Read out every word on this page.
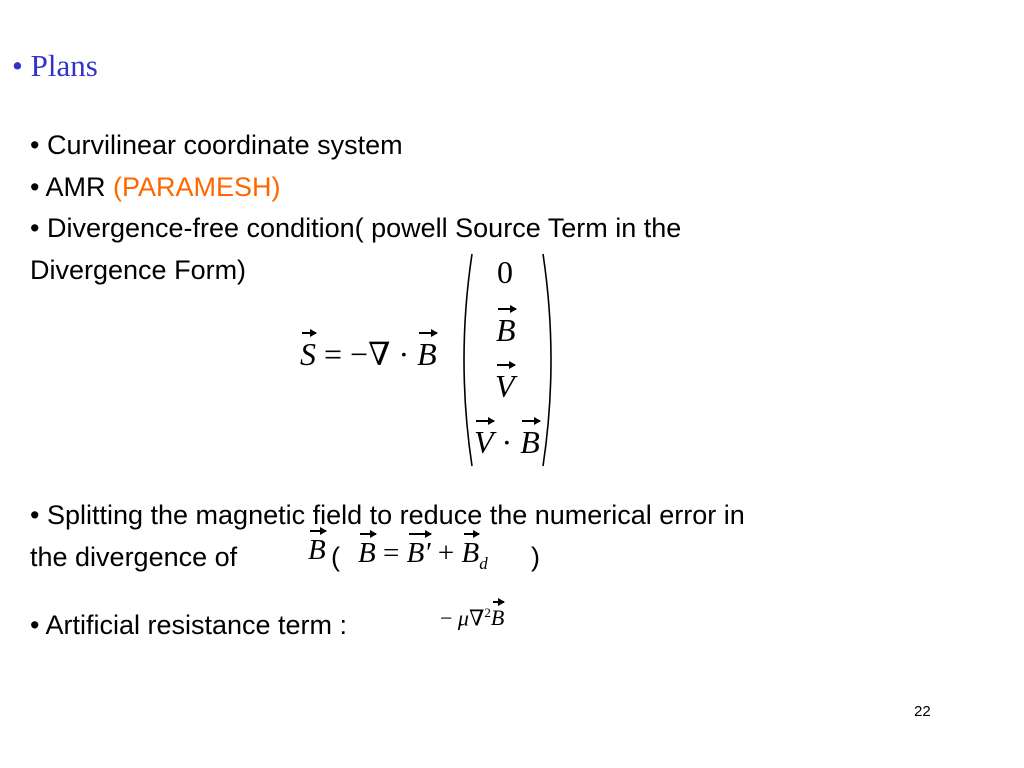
• Plans
• Curvilinear coordinate system
• AMR (PARAMESH)
• Divergence-free condition( powell Source Term in the
Divergence Form)
S = −∇ · B
0
B
V
V · B
• Splitting the magnetic field to reduce the numerical error in
the divergence of B ( $B = B' + B_d$ )
• Artificial resistance term :	− μ∇$^2$B
22
